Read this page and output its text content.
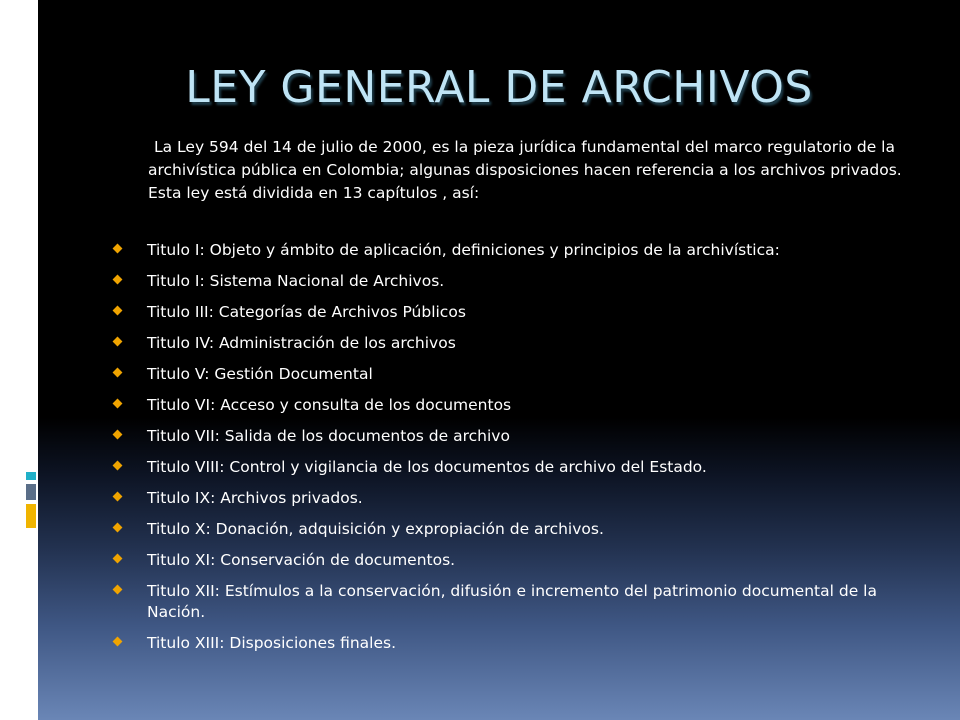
LEY GENERAL DE ARCHIVOS

La Ley 594 del 14 de julio de 2000, es la pieza jurídica fundamental del marco regulatorio de la archivística pública en Colombia; algunas disposiciones hacen referencia a los archivos privados. Esta ley está dividida en 13 capítulos , así:

Titulo I: Objeto y ámbito de aplicación, definiciones y principios de la archivística:
Titulo I: Sistema Nacional de Archivos.
Titulo III: Categorías de Archivos Públicos
Titulo IV: Administración de los archivos
Titulo V: Gestión Documental
Titulo VI: Acceso y consulta de los documentos
Titulo VII: Salida de los documentos de archivo
Titulo VIII: Control y vigilancia de los documentos de archivo del Estado.
Titulo IX: Archivos privados.
Titulo X: Donación, adquisición y expropiación de archivos.
Titulo XI: Conservación de documentos.
Titulo XII: Estímulos a la conservación, difusión e incremento del patrimonio documental de la Nación.
Titulo XIII: Disposiciones finales.
